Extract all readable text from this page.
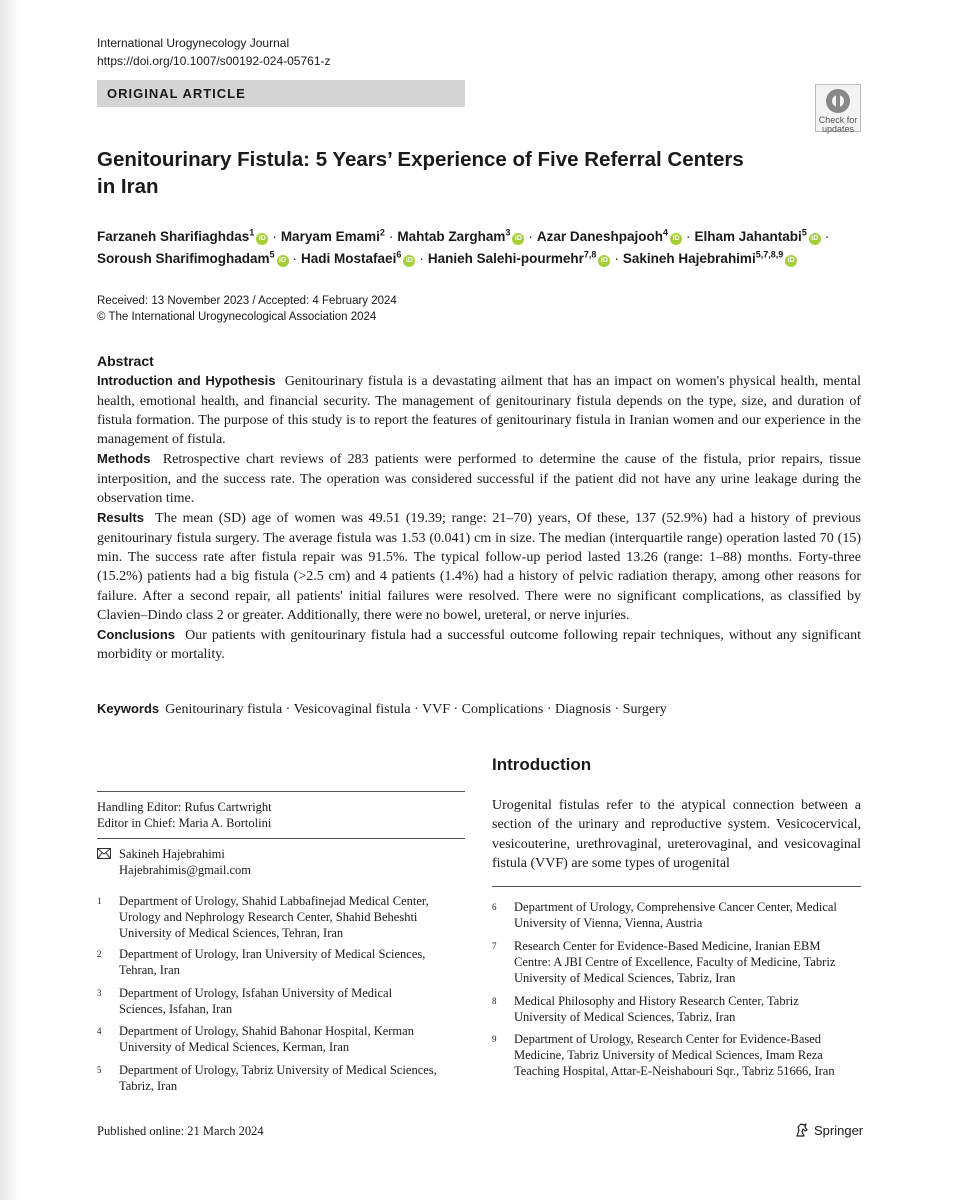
International Urogynecology Journal
https://doi.org/10.1007/s00192-024-05761-z
ORIGINAL ARTICLE
Check for
updates
Genitourinary Fistula: 5 Years’ Experience of Five Referral Centers
in Iran
Farzaneh Sharifiaghdas$^1$iD · Maryam Emami$^2$ · Mahtab Zargham$^3$iD · Azar Daneshpajooh$^4$iD · Elham Jahantabi$^5$iD ·
Soroush Sharifimoghadam$^5$iD · Hadi Mostafaei$^6$iD · Hanieh Salehi-pourmehr$^{7,8}$iD · Sakineh Hajebrahimi$^{5,7,8,9}$iD
Received: 13 November 2023 / Accepted: 4 February 2024
© The International Urogynecological Association 2024
Abstract

Introduction and Hypothesis Genitourinary fistula is a devastating ailment that has an impact on women's physical health, mental health, emotional health, and financial security. The management of genitourinary fistula depends on the type, size, and duration of fistula formation. The purpose of this study is to report the features of genitourinary fistula in Iranian women and our experience in the management of fistula.

Methods Retrospective chart reviews of 283 patients were performed to determine the cause of the fistula, prior repairs, tissue interposition, and the success rate. The operation was considered successful if the patient did not have any urine leakage during the observation time.

Results The mean (SD) age of women was 49.51 (19.39; range: 21–70) years, Of these, 137 (52.9%) had a history of previous genitourinary fistula surgery. The average fistula was 1.53 (0.041) cm in size. The median (interquartile range) operation lasted 70 (15) min. The success rate after fistula repair was 91.5%. The typical follow-up period lasted 13.26 (range: 1–88) months. Forty-three (15.2%) patients had a big fistula (>2.5 cm) and 4 patients (1.4%) had a history of pelvic radiation therapy, among other reasons for failure. After a second repair, all patients' initial failures were resolved. There were no significant complications, as classified by Clavien–Dindo class 2 or greater. Additionally, there were no bowel, ureteral, or nerve injuries.

Conclusions Our patients with genitourinary fistula had a successful outcome following repair techniques, without any significant morbidity or mortality.

Keywords Genitourinary fistula · Vesicovaginal fistula · VVF · Complications · Diagnosis · Surgery
Handling Editor: Rufus Cartwright
Editor in Chief: Maria A. Bortolini
Sakineh Hajebrahimi
Hajebrahimis@gmail.com
1 Department of Urology, Shahid Labbafinejad Medical Center, Urology and Nephrology Research Center, Shahid Beheshti University of Medical Sciences, Tehran, Iran
2 Department of Urology, Iran University of Medical Sciences, Tehran, Iran
3 Department of Urology, Isfahan University of Medical Sciences, Isfahan, Iran
4 Department of Urology, Shahid Bahonar Hospital, Kerman University of Medical Sciences, Kerman, Iran
5 Department of Urology, Tabriz University of Medical Sciences, Tabriz, Iran
Introduction
Urogenital fistulas refer to the atypical connection between a section of the urinary and reproductive system. Vesicocervical, vesicouterine, urethrovaginal, ureterovaginal, and vesicovaginal fistula (VVF) are some types of urogenital
6 Department of Urology, Comprehensive Cancer Center, Medical University of Vienna, Vienna, Austria
7 Research Center for Evidence-Based Medicine, Iranian EBM Centre: A JBI Centre of Excellence, Faculty of Medicine, Tabriz University of Medical Sciences, Tabriz, Iran
8 Medical Philosophy and History Research Center, Tabriz University of Medical Sciences, Tabriz, Iran
9 Department of Urology, Research Center for Evidence-Based Medicine, Tabriz University of Medical Sciences, Imam Reza Teaching Hospital, Attar-E-Neishabouri Sqr., Tabriz 51666, Iran
Published online: 21 March 2024	Springer
